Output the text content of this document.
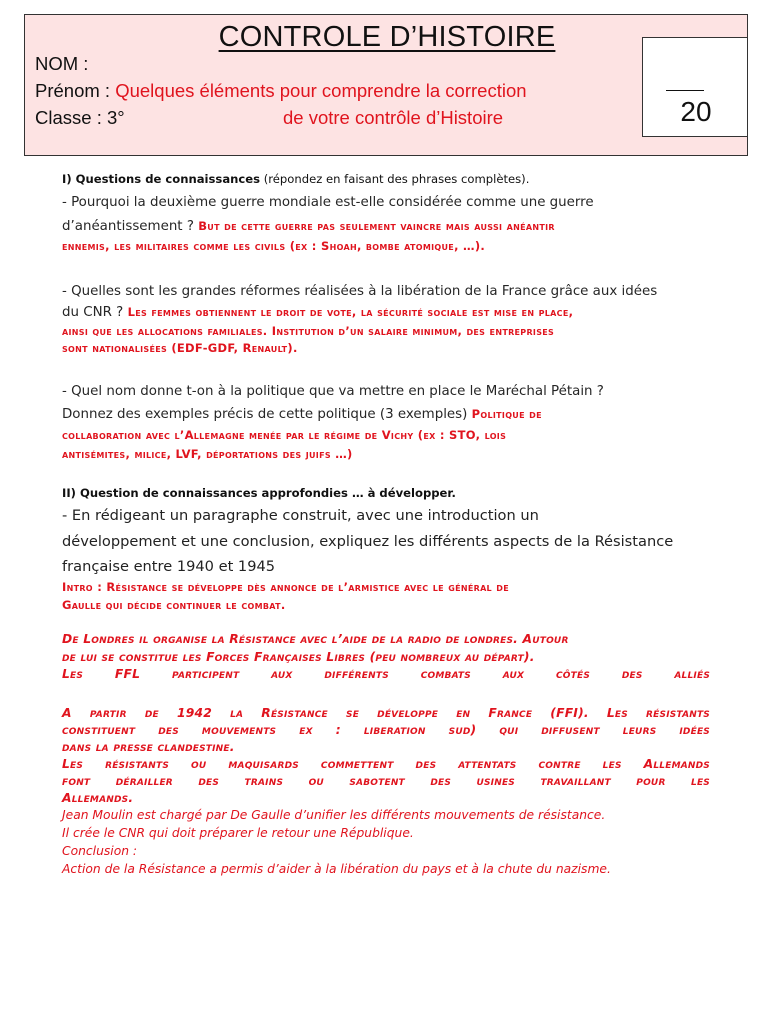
CONTROLE D’HISTOIRE
NOM :
Prénom : Quelques éléments pour comprendre la correction
Classe : 3°	de votre contrôle d’Histoire	20
I) Questions de connaissances (répondez en faisant des phrases complètes).
- Pourquoi la deuxième guerre mondiale est-elle considérée comme une guerre
d’anéantissement ? But de cette guerre pas seulement vaincre mais aussi anéantir
ennemis, les militaires comme les civils (ex : Shoah, bombe atomique, …).
- Quelles sont les grandes réformes réalisées à la libération de la France grâce aux idées
du CNR ? Les femmes obtiennent le droit de vote, la sécurité sociale est mise en place,
ainsi que les allocations familiales. Institution d’un salaire minimum, des entreprises
sont nationalisées (EDF-GDF, Renault).
- Quel nom donne t-on à la politique que va mettre en place le Maréchal Pétain ?
Donnez des exemples précis de cette politique (3 exemples) Politique de
collaboration avec l’Allemagne menée par le régime de Vichy (ex : STO, lois
antisémites, milice, LVF, déportations des juifs …)
II) Question de connaissances approfondies … à développer.
- En rédigeant un paragraphe construit, avec une introduction un
développement et une conclusion, expliquez les différents aspects de la Résistance
française entre 1940 et 1945
Intro : Résistance se développe dès annonce de l’armistice avec le général de
Gaulle qui décide continuer le combat.
De Londres il organise la Résistance avec l’aide de la radio de londres. Autour
de lui se constitue les Forces Françaises Libres (peu nombreux au départ).
Les FFL participent aux différents combats aux côtés des alliés
A partir de 1942 la Résistance se développe en France (FFI). Les résistants
constituent des mouvements ex : liberation sud) qui diffusent leurs idées
dans la presse clandestine.
Les résistants ou maquisards commettent des attentats contre les Allemands
font dérailler des trains ou sabotent des usines travaillant pour les
Allemands.
Jean Moulin est chargé par De Gaulle d’unifier les différents mouvements de résistance.
Il crée le CNR qui doit préparer le retour une République.
Conclusion :
Action de la Résistance a permis d’aider à la libération du pays et à la chute du nazisme.
